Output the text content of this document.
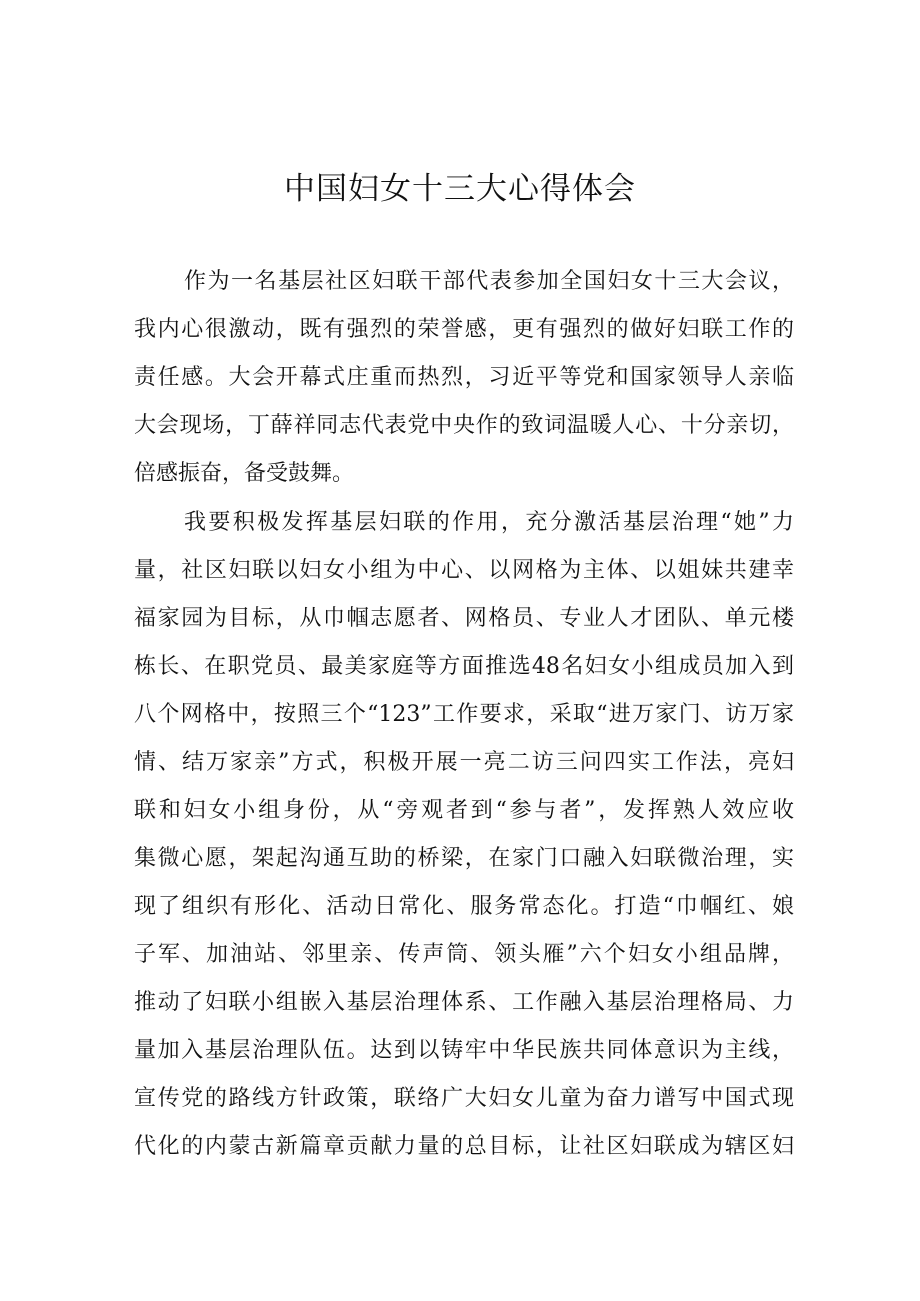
中国妇女十三大心得体会
作为一名基层社区妇联干部代表参加全国妇女十三大会议，
我内心很激动，既有强烈的荣誉感，更有强烈的做好妇联工作的
责任感。大会开幕式庄重而热烈，习近平等党和国家领导人亲临
大会现场，丁薛祥同志代表党中央作的致词温暖人心、十分亲切，
倍感振奋，备受鼓舞。
我要积极发挥基层妇联的作用，充分激活基层治理“她”力
量，社区妇联以妇女小组为中心、以网格为主体、以姐妹共建幸
福家园为目标，从巾帼志愿者、网格员、专业人才团队、单元楼
栋长、在职党员、最美家庭等方面推选48名妇女小组成员加入到
八个网格中，按照三个“123”工作要求，采取“进万家门、访万家
情、结万家亲”方式，积极开展一亮二访三问四实工作法，亮妇
联和妇女小组身份，从“旁观者到“参与者”，发挥熟人效应收
集微心愿，架起沟通互助的桥梁，在家门口融入妇联微治理，实
现了组织有形化、活动日常化、服务常态化。打造“巾帼红、娘
子军、加油站、邻里亲、传声筒、领头雁”六个妇女小组品牌，
推动了妇联小组嵌入基层治理体系、工作融入基层治理格局、力
量加入基层治理队伍。达到以铸牢中华民族共同体意识为主线，
宣传党的路线方针政策，联络广大妇女儿童为奋力谱写中国式现
代化的内蒙古新篇章贡献力量的总目标，让社区妇联成为辖区妇
